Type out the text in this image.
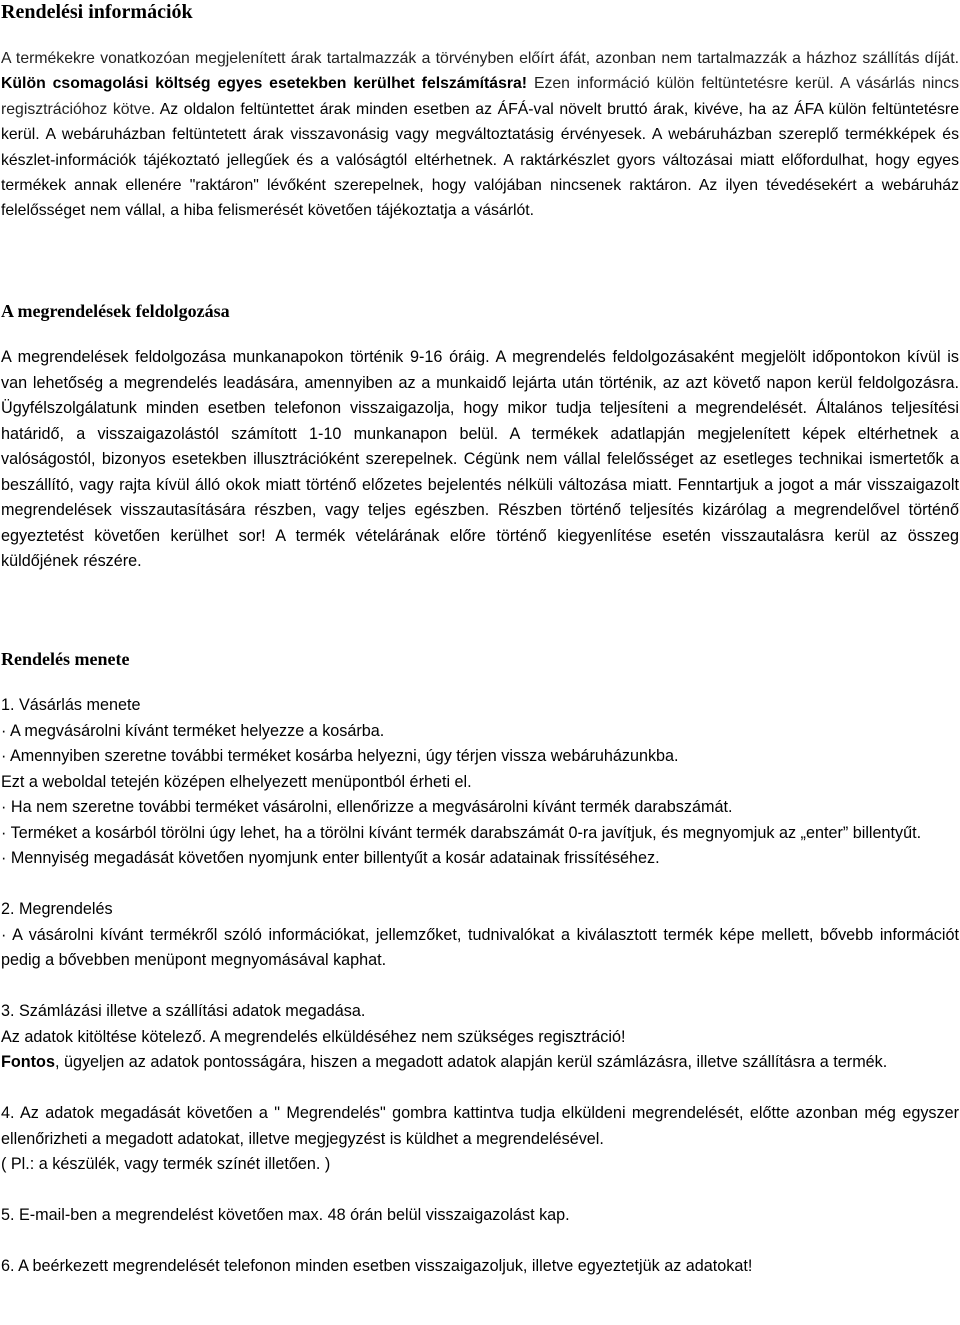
Rendelési információk
A termékekre vonatkozóan megjelenített árak tartalmazzák a törvényben előírt áfát, azonban nem tartalmazzák a házhoz szállítás díját. Külön csomagolási költség egyes esetekben kerülhet felszámításra! Ezen információ külön feltüntetésre kerül. A vásárlás nincs regisztrációhoz kötve. Az oldalon feltüntettet árak minden esetben az ÁFÁ-val növelt bruttó árak, kivéve, ha az ÁFA külön feltüntetésre kerül. A webáruházban feltüntetett árak visszavonásig vagy megváltoztatásig érvényesek. A webáruházban szereplő termékképek és készlet-információk tájékoztató jellegűek és a valóságtól eltérhetnek. A raktárkészlet gyors változásai miatt előfordulhat, hogy egyes termékek annak ellenére "raktáron" lévőként szerepelnek, hogy valójában nincsenek raktáron. Az ilyen tévedésekért a webáruház felelősséget nem vállal, a hiba felismerését követően tájékoztatja a vásárlót.
A megrendelések feldolgozása
A megrendelések feldolgozása munkanapokon történik 9-16 óráig. A megrendelés feldolgozásaként megjelölt időpontokon kívül is van lehetőség a megrendelés leadására, amennyiben az a munkaidő lejárta után történik, az azt követő napon kerül feldolgozásra. Ügyfélszolgálatunk minden esetben telefonon visszaigazolja, hogy mikor tudja teljesíteni a megrendelését. Általános teljesítési határidő, a visszaigazolástól számított 1-10 munkanapon belül. A termékek adatlapján megjelenített képek eltérhetnek a valóságostól, bizonyos esetekben illusztrációként szerepelnek. Cégünk nem vállal felelősséget az esetleges technikai ismertetők a beszállító, vagy rajta kívül álló okok miatt történő előzetes bejelentés nélküli változása miatt. Fenntartjuk a jogot a már visszaigazolt megrendelések visszautasítására részben, vagy teljes egészben. Részben történő teljesítés kizárólag a megrendelővel történő egyeztetést követően kerülhet sor! A termék vételárának előre történő kiegyenlítése esetén visszautalásra kerül az összeg küldőjének részére.
Rendelés menete
1. Vásárlás menete
· A megvásárolni kívánt terméket helyezze a kosárba.
· Amennyiben szeretne további terméket kosárba helyezni, úgy térjen vissza webáruházunkba.
Ezt a weboldal tetején középen elhelyezett menüpontból érheti el.
· Ha nem szeretne további terméket vásárolni, ellenőrizze a megvásárolni kívánt termék darabszámát.
· Terméket a kosárból törölni úgy lehet, ha a törölni kívánt termék darabszámát 0-ra javítjuk, és megnyomjuk az „enter” billentyűt.
· Mennyiség megadását követően nyomjunk enter billentyűt a kosár adatainak frissítéséhez.
2. Megrendelés
· A vásárolni kívánt termékről szóló információkat, jellemzőket, tudnivalókat a kiválasztott termék képe mellett, bővebb információt pedig a bővebben menüpont megnyomásával kaphat.
3. Számlázási illetve a szállítási adatok megadása.
Az adatok kitöltése kötelező. A megrendelés elküldéséhez nem szükséges regisztráció!
Fontos, ügyeljen az adatok pontosságára, hiszen a megadott adatok alapján kerül számlázásra, illetve szállításra a termék.
4. Az adatok megadását követően a " Megrendelés" gombra kattintva tudja elküldeni megrendelését, előtte azonban még egyszer ellenőrizheti a megadott adatokat, illetve megjegyzést is küldhet a megrendelésével.
( Pl.: a készülék, vagy termék színét illetően. )
5. E-mail-ben a megrendelést követően max. 48 órán belül visszaigazolást kap.
6. A beérkezett megrendelését telefonon minden esetben visszaigazoljuk, illetve egyeztetjük az adatokat!
